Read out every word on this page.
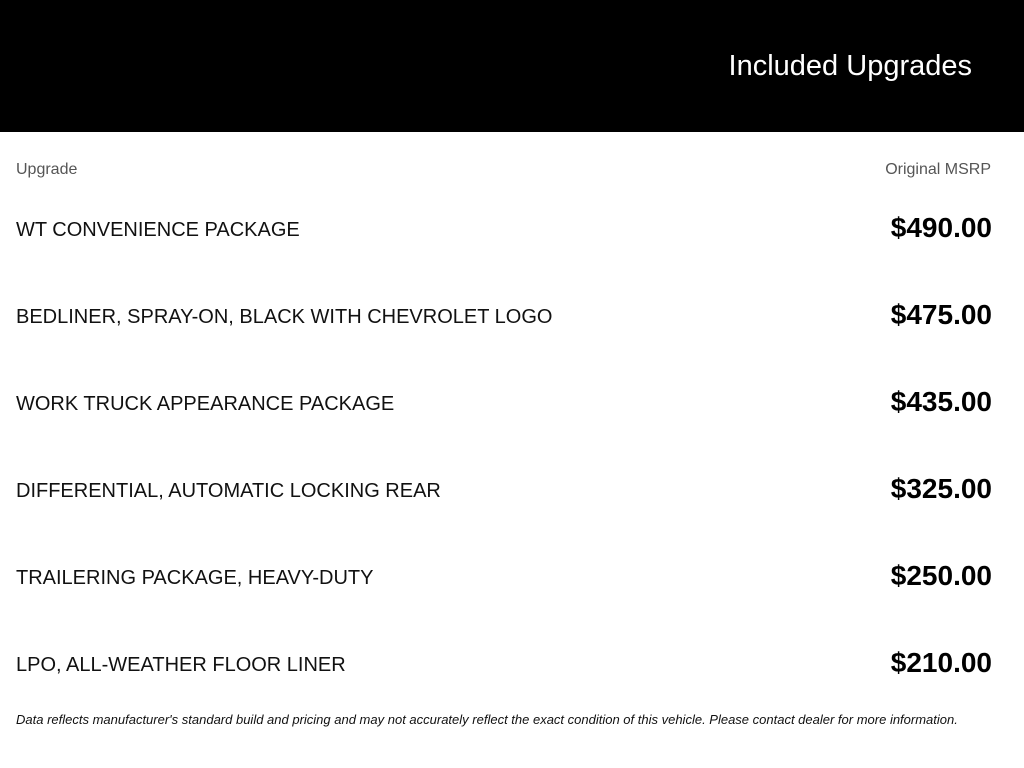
Included Upgrades
Upgrade	Original MSRP
WT CONVENIENCE PACKAGE	$490.00
BEDLINER, SPRAY-ON, BLACK WITH CHEVROLET LOGO	$475.00
WORK TRUCK APPEARANCE PACKAGE	$435.00
DIFFERENTIAL, AUTOMATIC LOCKING REAR	$325.00
TRAILERING PACKAGE, HEAVY-DUTY	$250.00
LPO, ALL-WEATHER FLOOR LINER	$210.00
Data reflects manufacturer's standard build and pricing and may not accurately reflect the exact condition of this vehicle. Please contact dealer for more information.
